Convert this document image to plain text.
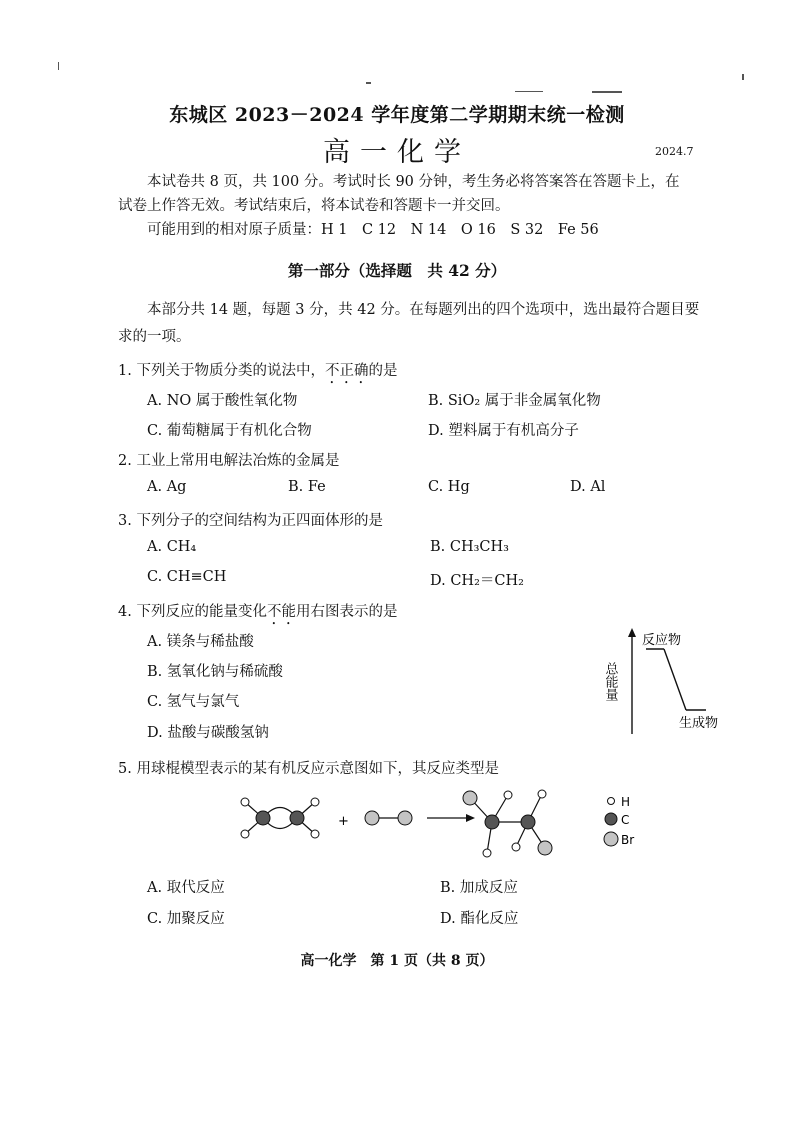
东城区 2023－2024 学年度第二学期期末统一检测
高一化学	2024.7
本试卷共 8 页，共 100 分。考试时长 90 分钟，考生务必将答案答在答题卡上，在
试卷上作答无效。考试结束后，将本试卷和答题卡一并交回。
可能用到的相对原子质量：H 1　C 12　N 14　O 16　S 32　Fe 56
第一部分（选择题　共 42 分）
本部分共 14 题，每题 3 分，共 42 分。在每题列出的四个选项中，选出最符合题目要
求的一项。
1. 下列关于物质分类的说法中，不正确的是
A. NO 属于酸性氧化物	B. SiO₂ 属于非金属氧化物
C. 葡萄糖属于有机化合物	D. 塑料属于有机高分子
2. 工业上常用电解法冶炼的金属是
A. Ag	B. Fe	C. Hg	D. Al
3. 下列分子的空间结构为正四面体形的是
A. CH₄	B. CH₃CH₃
C. CH≡CH	D. CH₂＝CH₂
4. 下列反应的能量变化不能用右图表示的是
A. 镁条与稀盐酸
B. 氢氧化钠与稀硫酸
C. 氢气与氯气
D. 盐酸与碳酸氢钠
反应物
生成物
总能量
5. 用球棍模型表示的某有机反应示意图如下，其反应类型是
+
H
C
Br
A. 取代反应	B. 加成反应
C. 加聚反应	D. 酯化反应
高一化学　第 1 页（共 8 页）
